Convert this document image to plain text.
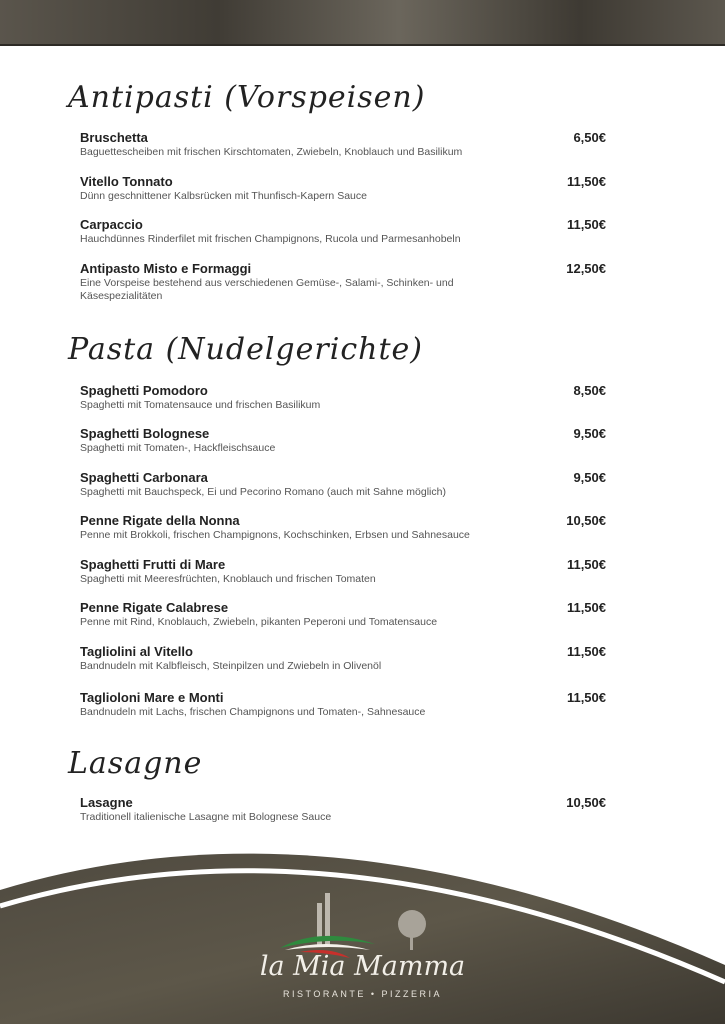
Antipasti (Vorspeisen)
Bruschetta
Baguettescheiben mit frischen Kirschtomaten, Zwiebeln, Knoblauch und Basilikum
6,50€
Vitello Tonnato
Dünn geschnittener Kalbsrücken mit Thunfisch-Kapern Sauce
11,50€
Carpaccio
Hauchdünnes Rinderfilet mit frischen Champignons, Rucola und Parmesanhobeln
11,50€
Antipasto Misto e Formaggi
Eine Vorspeise bestehend aus verschiedenen Gemüse-, Salami-, Schinken- und Käsespezialitäten
12,50€
Pasta (Nudelgerichte)
Spaghetti Pomodoro
Spaghetti mit Tomatensauce und frischen Basilikum
8,50€
Spaghetti Bolognese
Spaghetti mit Tomaten-, Hackfleischsauce
9,50€
Spaghetti Carbonara
Spaghetti mit Bauchspeck, Ei und Pecorino Romano (auch mit Sahne möglich)
9,50€
Penne Rigate della Nonna
Penne mit Brokkoli, frischen Champignons, Kochschinken, Erbsen und Sahnesauce
10,50€
Spaghetti Frutti di Mare
Spaghetti mit Meeresfrüchten, Knoblauch und frischen Tomaten
11,50€
Penne Rigate Calabrese
Penne mit Rind, Knoblauch, Zwiebeln, pikanten Peperoni und Tomatensauce
11,50€
Tagliolini al Vitello
Bandnudeln mit Kalbfleisch, Steinpilzen und Zwiebeln in Olivenöl
11,50€
Taglioloni Mare e Monti
Bandnudeln mit Lachs, frischen Champignons und Tomaten-, Sahnesauce
11,50€
Lasagne
Lasagne
Traditionell italienische Lasagne mit Bolognese Sauce
10,50€
la Mia Mamma
RISTORANTE • PIZZERIA
